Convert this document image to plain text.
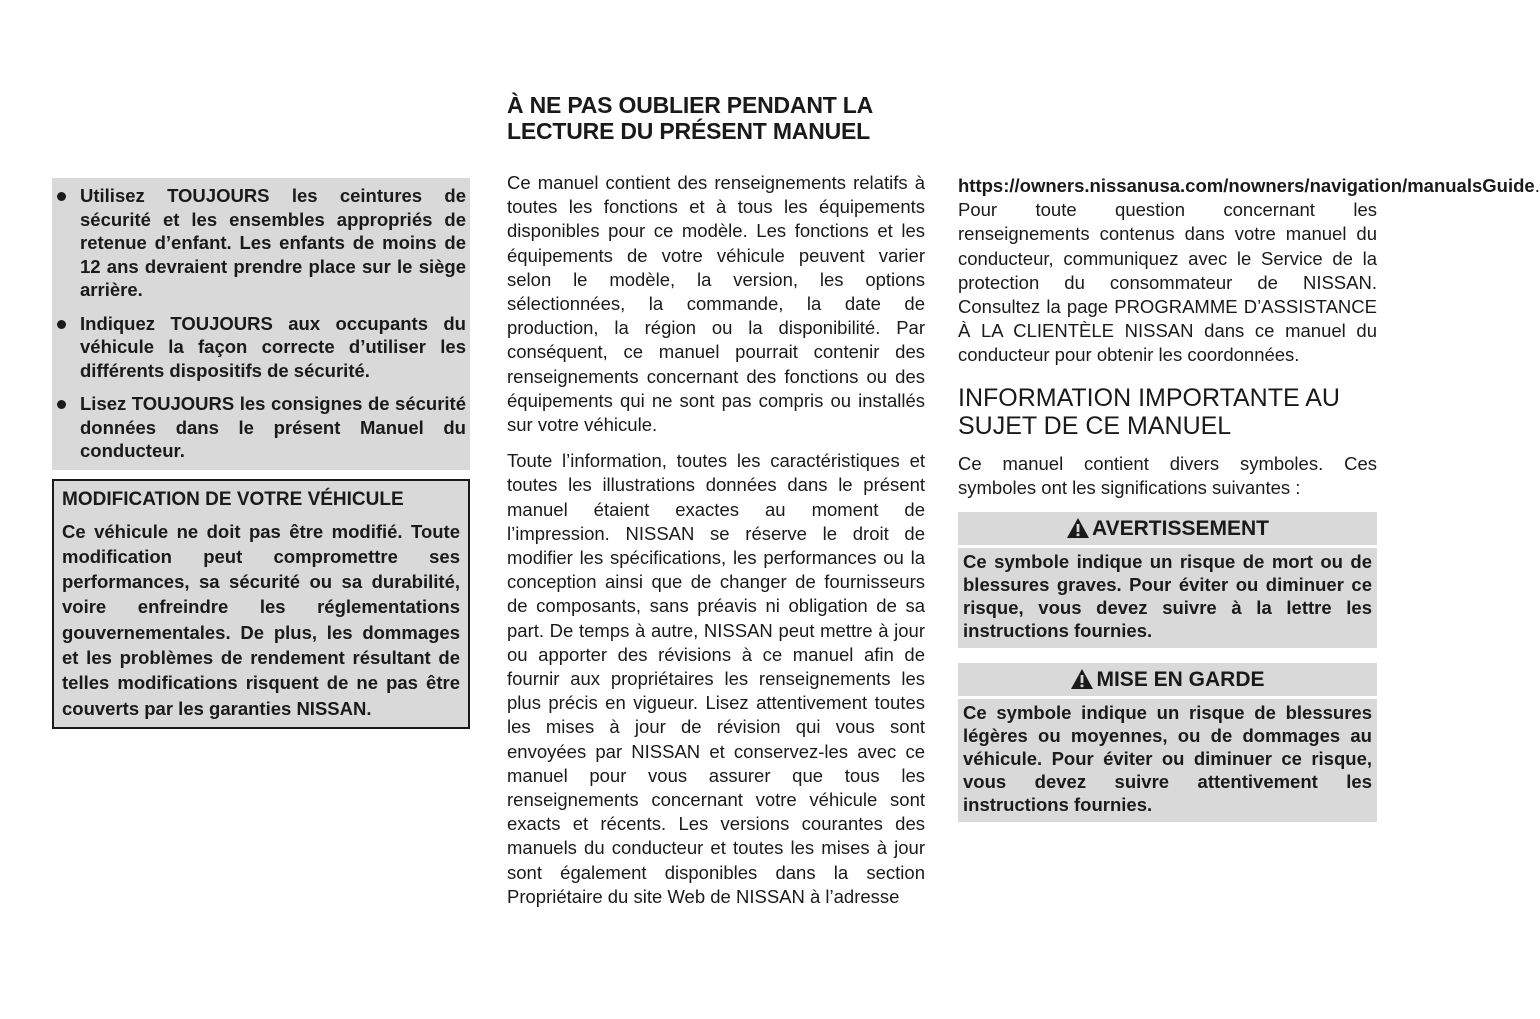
Utilisez TOUJOURS les ceintures de sécurité et les ensembles appropriés de retenue d’enfant. Les enfants de moins de 12 ans devraient prendre place sur le siège arrière.
Indiquez TOUJOURS aux occupants du véhicule la façon correcte d’utiliser les différents dispositifs de sécurité.
Lisez TOUJOURS les consignes de sécurité données dans le présent Manuel du conducteur.
MODIFICATION DE VOTRE VÉHICULE
Ce véhicule ne doit pas être modifié. Toute modification peut compromettre ses performances, sa sécurité ou sa durabilité, voire enfreindre les réglementations gouvernementales. De plus, les dommages et les problèmes de rendement résultant de telles modifications risquent de ne pas être couverts par les garanties NISSAN.
À NE PAS OUBLIER PENDANT LA LECTURE DU PRÉSENT MANUEL

Ce manuel contient des renseignements relatifs à toutes les fonctions et à tous les équipements disponibles pour ce modèle. Les fonctions et les équipements de votre véhicule peuvent varier selon le modèle, la version, les options sélectionnées, la commande, la date de production, la région ou la disponibilité. Par conséquent, ce manuel pourrait contenir des renseignements concernant des fonctions ou des équipements qui ne sont pas compris ou installés sur votre véhicule.

Toute l’information, toutes les caractéristiques et toutes les illustrations données dans le présent manuel étaient exactes au moment de l’impression. NISSAN se réserve le droit de modifier les spécifications, les performances ou la conception ainsi que de changer de fournisseurs de composants, sans préavis ni obligation de sa part. De temps à autre, NISSAN peut mettre à jour ou apporter des révisions à ce manuel afin de fournir aux propriétaires les renseignements les plus précis en vigueur. Lisez attentivement toutes les mises à jour de révision qui vous sont envoyées par NISSAN et conservez-les avec ce manuel pour vous assurer que tous les renseignements concernant votre véhicule sont exacts et récents. Les versions courantes des manuels du conducteur et toutes les mises à jour sont également disponibles dans la section Propriétaire du site Web de NISSAN à l’adresse

https://owners.nissanusa.com/nowners/navigation/manualsGuide. Pour toute question concernant les renseignements contenus dans votre manuel du conducteur, communiquez avec le Service de la protection du consommateur de NISSAN. Consultez la page PROGRAMME D’ASSISTANCE À LA CLIENTÈLE NISSAN dans ce manuel du conducteur pour obtenir les coordonnées.

INFORMATION IMPORTANTE AU SUJET DE CE MANUEL

Ce manuel contient divers symboles. Ces symboles ont les significations suivantes :

AVERTISSEMENT
Ce symbole indique un risque de mort ou de blessures graves. Pour éviter ou diminuer ce risque, vous devez suivre à la lettre les instructions fournies.
MISE EN GARDE
Ce symbole indique un risque de blessures légères ou moyennes, ou de dommages au véhicule. Pour éviter ou diminuer ce risque, vous devez suivre attentivement les instructions fournies.
